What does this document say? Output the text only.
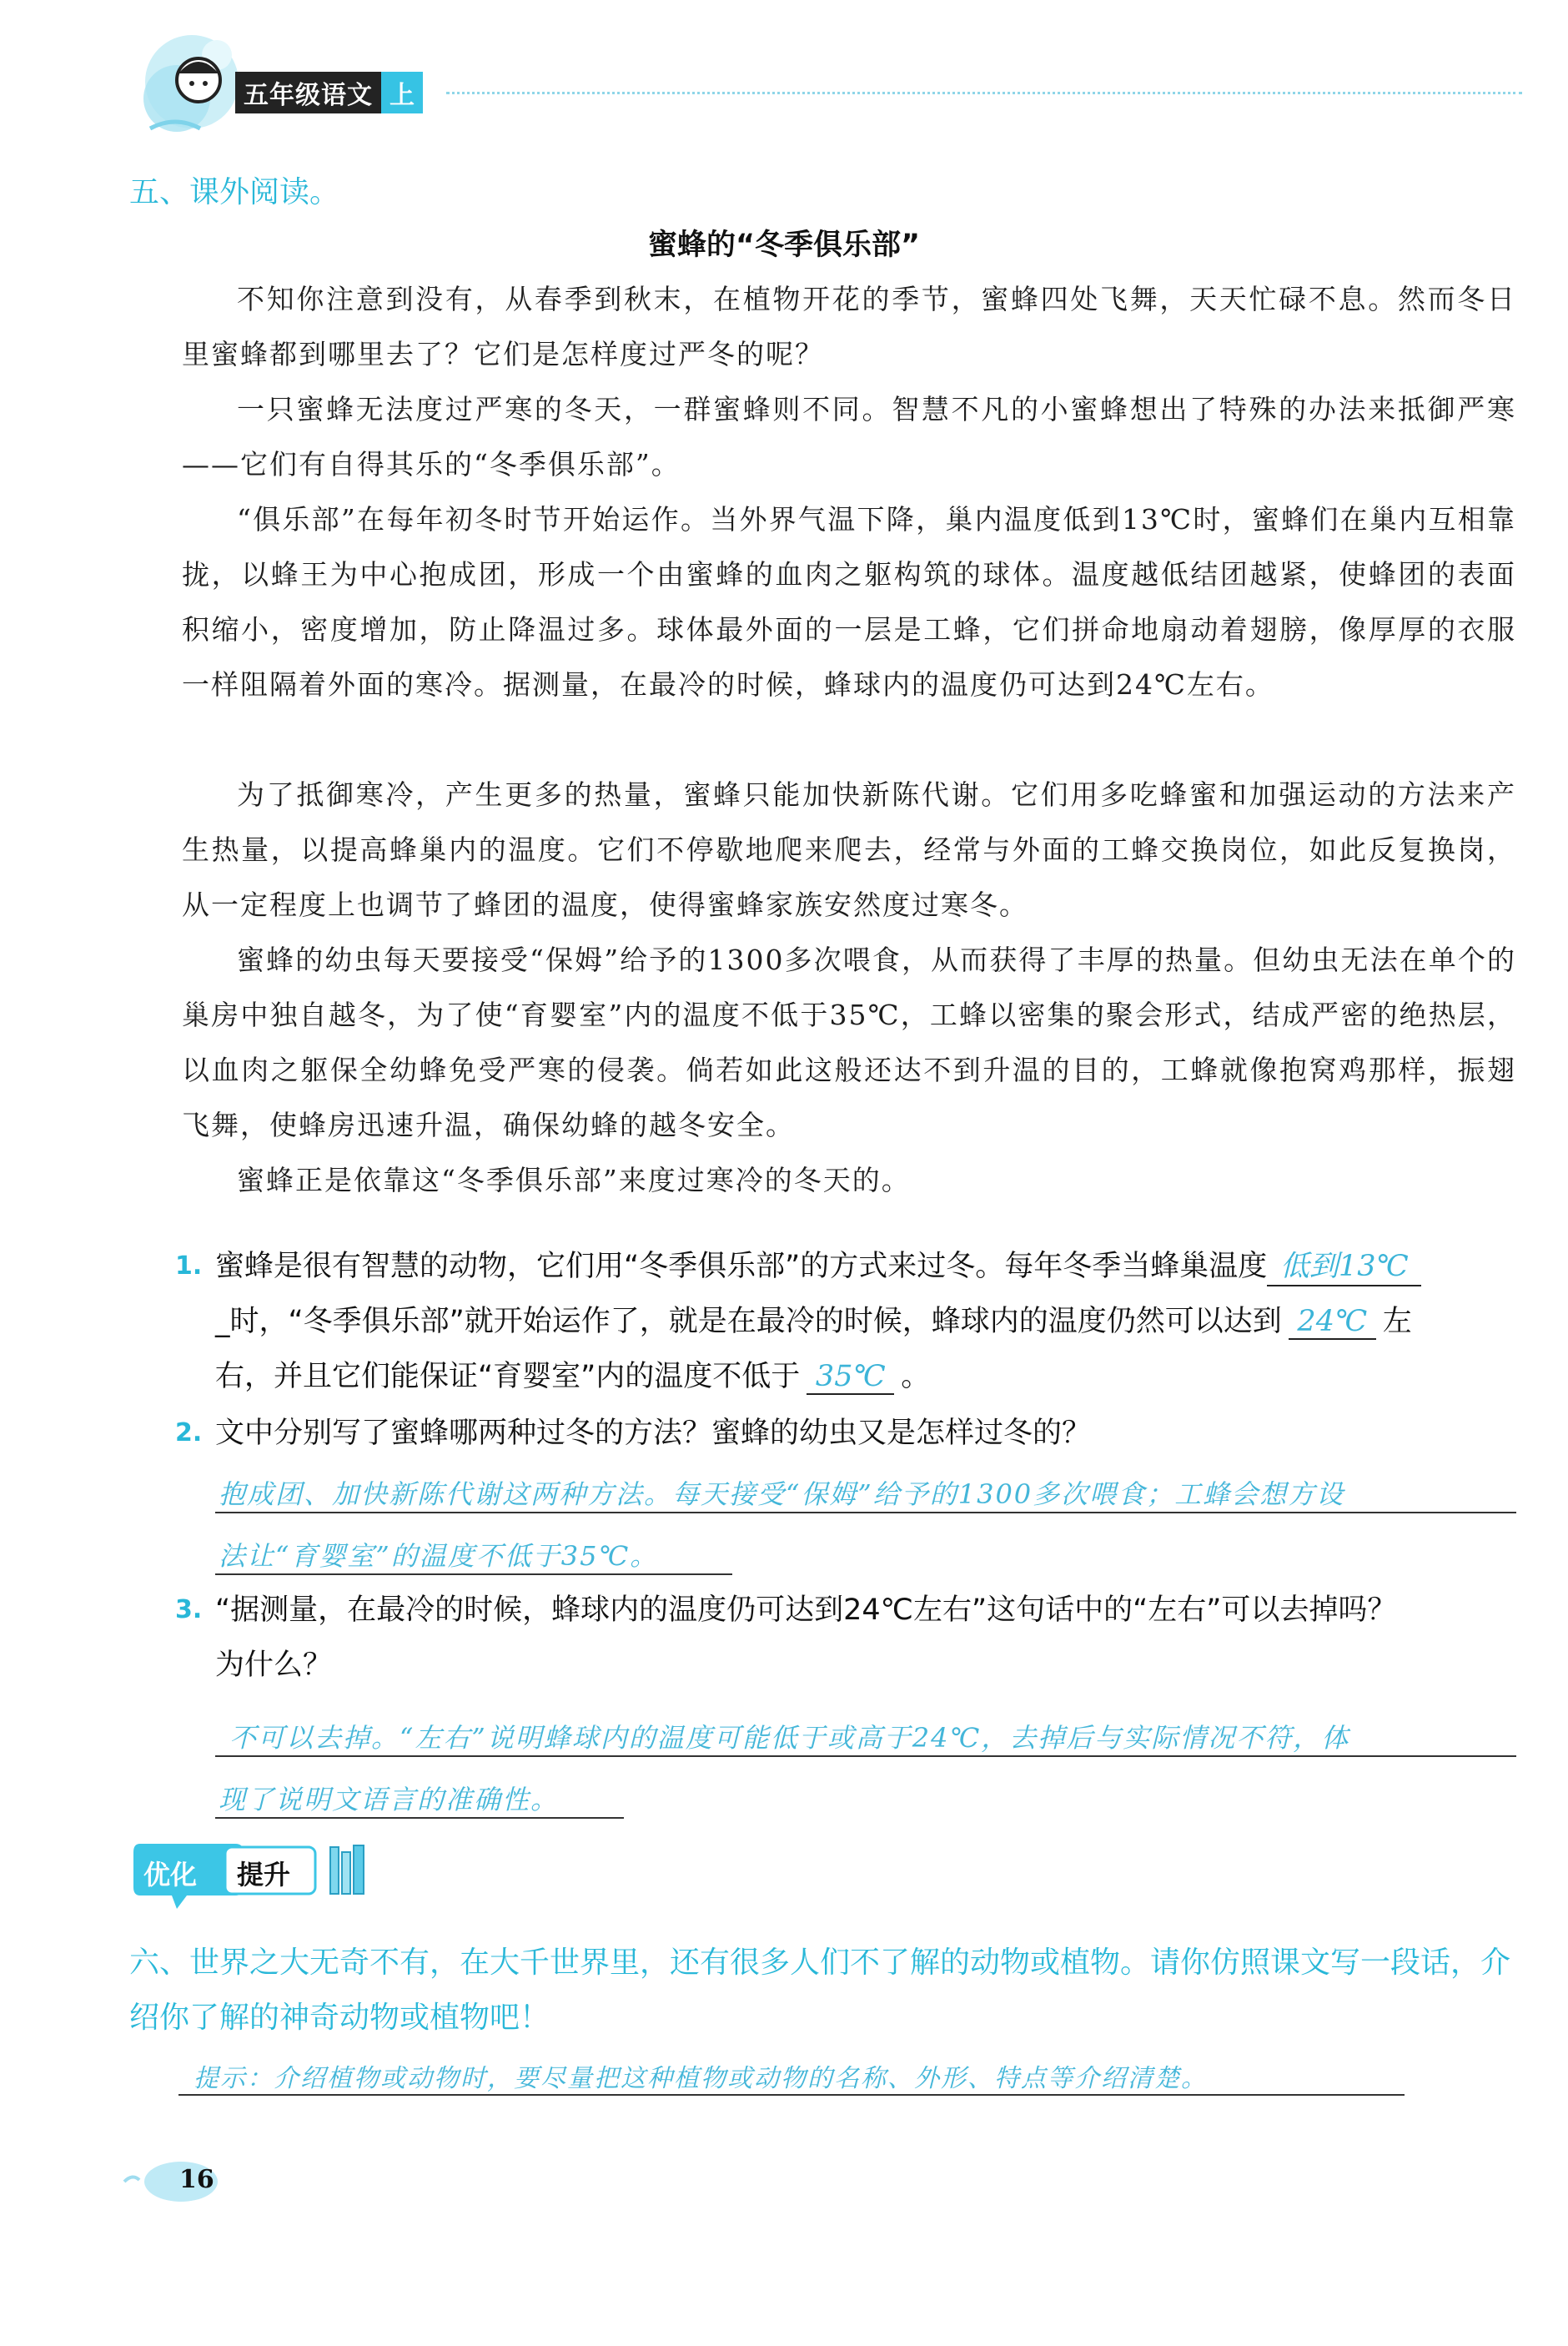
五年级语文 上
五、课外阅读。
蜜蜂的“冬季俱乐部”
不知你注意到没有，从春季到秋末，在植物开花的季节，蜜蜂四处飞舞，天天忙碌不息。然而冬日里蜜蜂都到哪里去了？它们是怎样度过严冬的呢？
一只蜜蜂无法度过严寒的冬天，一群蜜蜂则不同。智慧不凡的小蜜蜂想出了特殊的办法来抵御严寒——它们有自得其乐的“冬季俱乐部”。
“俱乐部”在每年初冬时节开始运作。当外界气温下降，巢内温度低到13℃时，蜜蜂们在巢内互相靠拢，以蜂王为中心抱成团，形成一个由蜜蜂的血肉之躯构筑的球体。温度越低结团越紧，使蜂团的表面积缩小，密度增加，防止降温过多。球体最外面的一层是工蜂，它们拼命地扇动着翅膀，像厚厚的衣服一样阻隔着外面的寒冷。据测量，在最冷的时候，蜂球内的温度仍可达到24℃左右。
为了抵御寒冷，产生更多的热量，蜜蜂只能加快新陈代谢。它们用多吃蜂蜜和加强运动的方法来产生热量，以提高蜂巢内的温度。它们不停歇地爬来爬去，经常与外面的工蜂交换岗位，如此反复换岗，从一定程度上也调节了蜂团的温度，使得蜜蜂家族安然度过寒冬。
蜜蜂的幼虫每天要接受“保姆”给予的1300多次喂食，从而获得了丰厚的热量。但幼虫无法在单个的巢房中独自越冬，为了使“育婴室”内的温度不低于35℃，工蜂以密集的聚会形式，结成严密的绝热层，以血肉之躯保全幼蜂免受严寒的侵袭。倘若如此这般还达不到升温的目的，工蜂就像抱窝鸡那样，振翅飞舞，使蜂房迅速升温，确保幼蜂的越冬安全。
蜜蜂正是依靠这“冬季俱乐部”来度过寒冷的冬天的。
1. 蜜蜂是很有智慧的动物，它们用“冬季俱乐部”的方式来过冬。每年冬季当蜂巢温度 低到13℃
_时，“冬季俱乐部”就开始运作了，就是在最冷的时候，蜂球内的温度仍然可以达到 24℃ 左
右，并且它们能保证“育婴室”内的温度不低于 35℃ 。
2. 文中分别写了蜜蜂哪两种过冬的方法？蜜蜂的幼虫又是怎样过冬的？
抱成团、加快新陈代谢这两种方法。每天接受“保姆”给予的1300多次喂食；工蜂会想方设
法让“育婴室”的温度不低于35℃。
3. “据测量，在最冷的时候，蜂球内的温度仍可达到24℃左右”这句话中的“左右”可以去掉吗？
为什么？
不可以去掉。“左右”说明蜂球内的温度可能低于或高于24℃，去掉后与实际情况不符，体
现了说明文语言的准确性。
优化 提升
六、世界之大无奇不有，在大千世界里，还有很多人们不了解的动物或植物。请你仿照课文写一段话，介绍你了解的神奇动物或植物吧！
提示：介绍植物或动物时，要尽量把这种植物或动物的名称、外形、特点等介绍清楚。
16
